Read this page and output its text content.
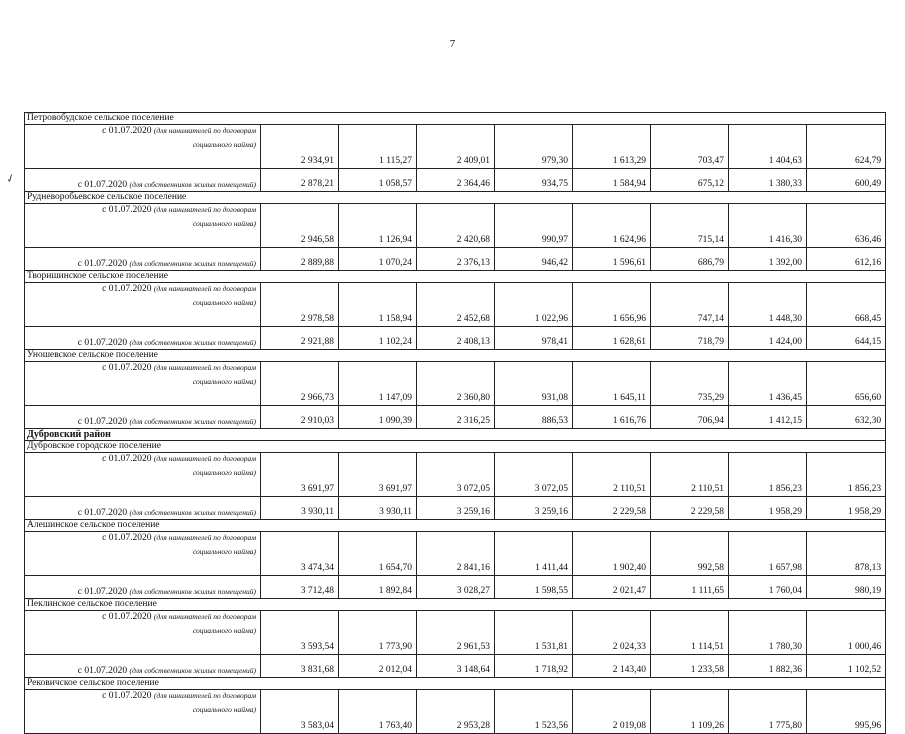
7
✓
Петровобудское сельское поселение								

с 01.07.2020 (для нанимателей по договорам
социального найма)	2 934,91	1 115,27	2 409,01	979,30	1 613,29	703,47	1 404,63	624,79
с 01.07.2020 (для собственников жилых помещений)	2 878,21	1 058,57	2 364,46	934,75	1 584,94	675,12	1 380,33	600,49
Рудневоробьевское сельское поселение								

с 01.07.2020 (для нанимателей по договорам
социального найма)	2 946,58	1 126,94	2 420,68	990,97	1 624,96	715,14	1 416,30	636,46
с 01.07.2020 (для собственников жилых помещений)	2 889,88	1 070,24	2 376,13	946,42	1 596,61	686,79	1 392,00	612,16
Творишинское сельское поселение								

с 01.07.2020 (для нанимателей по договорам
социального найма)	2 978,58	1 158,94	2 452,68	1 022,96	1 656,96	747,14	1 448,30	668,45
с 01.07.2020 (для собственников жилых помещений)	2 921,88	1 102,24	2 408,13	978,41	1 628,61	718,79	1 424,00	644,15
Уношевское сельское поселение								

с 01.07.2020 (для нанимателей по договорам
социального найма)	2 966,73	1 147,09	2 360,80	931,08	1 645,11	735,29	1 436,45	656,60
с 01.07.2020 (для собственников жилых помещений)	2 910,03	1 090,39	2 316,25	886,53	1 616,76	706,94	1 412,15	632,30
Дубровский район								
Дубровское городское поселение								

с 01.07.2020 (для нанимателей по договорам
социального найма)	3 691,97	3 691,97	3 072,05	3 072,05	2 110,51	2 110,51	1 856,23	1 856,23
с 01.07.2020 (для собственников жилых помещений)	3 930,11	3 930,11	3 259,16	3 259,16	2 229,58	2 229,58	1 958,29	1 958,29
Алешинское сельское поселение								

с 01.07.2020 (для нанимателей по договорам
социального найма)	3 474,34	1 654,70	2 841,16	1 411,44	1 902,40	992,58	1 657,98	878,13
с 01.07.2020 (для собственников жилых помещений)	3 712,48	1 892,84	3 028,27	1 598,55	2 021,47	1 111,65	1 760,04	980,19
Пеклинское сельское поселение								

с 01.07.2020 (для нанимателей по договорам
социального найма)	3 593,54	1 773,90	2 961,53	1 531,81	2 024,33	1 114,51	1 780,30	1 000,46
с 01.07.2020 (для собственников жилых помещений)	3 831,68	2 012,04	3 148,64	1 718,92	2 143,40	1 233,58	1 882,36	1 102,52
Рековичское сельское поселение								

с 01.07.2020 (для нанимателей по договорам
социального найма)	3 583,04	1 763,40	2 953,28	1 523,56	2 019,08	1 109,26	1 775,80	995,96
